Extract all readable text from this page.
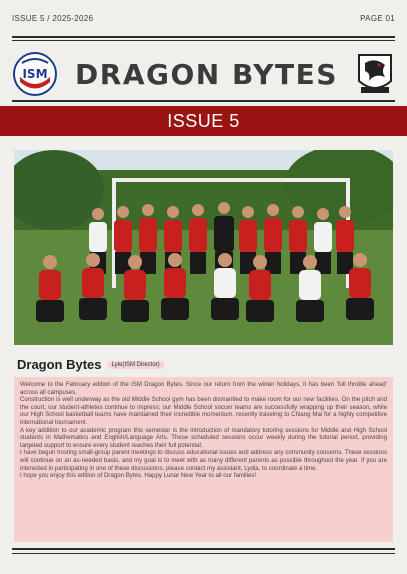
ISSUE 5 / 2025-2026	PAGE 01
ISM DRAGON BYTES
ISSUE 5
Dragon Bytes	Lyle(ISM Director)

Welcome to the February edition of the ISM Dragon Bytes. Since our return from the winter holidays, it has been 'full throttle ahead' across all campuses.

Construction is well underway as the old Middle School gym has been dismantled to make room for our new facilities. On the pitch and the court, our student-athletes continue to impress; our Middle School soccer teams are successfully wrapping up their season, while our High School basketball teams have maintained their incredible momentum, recently traveling to Chiang Mai for a highly competitive international tournament.

A key addition to our academic program this semester is the introduction of mandatory tutoring sessions for Middle and High School students in Mathematics and English/Language Arts. These scheduled sessions occur weekly during the tutorial period, providing targeted support to ensure every student reaches their full potential.

I have begun hosting small-group parent meetings to discuss educational issues and address any community concerns. These sessions will continue on an as-needed basis, and my goal is to meet with as many different parents as possible throughout the year. If you are interested in participating in one of these discussions, please contact my assistant, Lydia, to coordinate a time.

I hope you enjoy this edition of Dragon Bytes. Happy Lunar New Year to all our families!
